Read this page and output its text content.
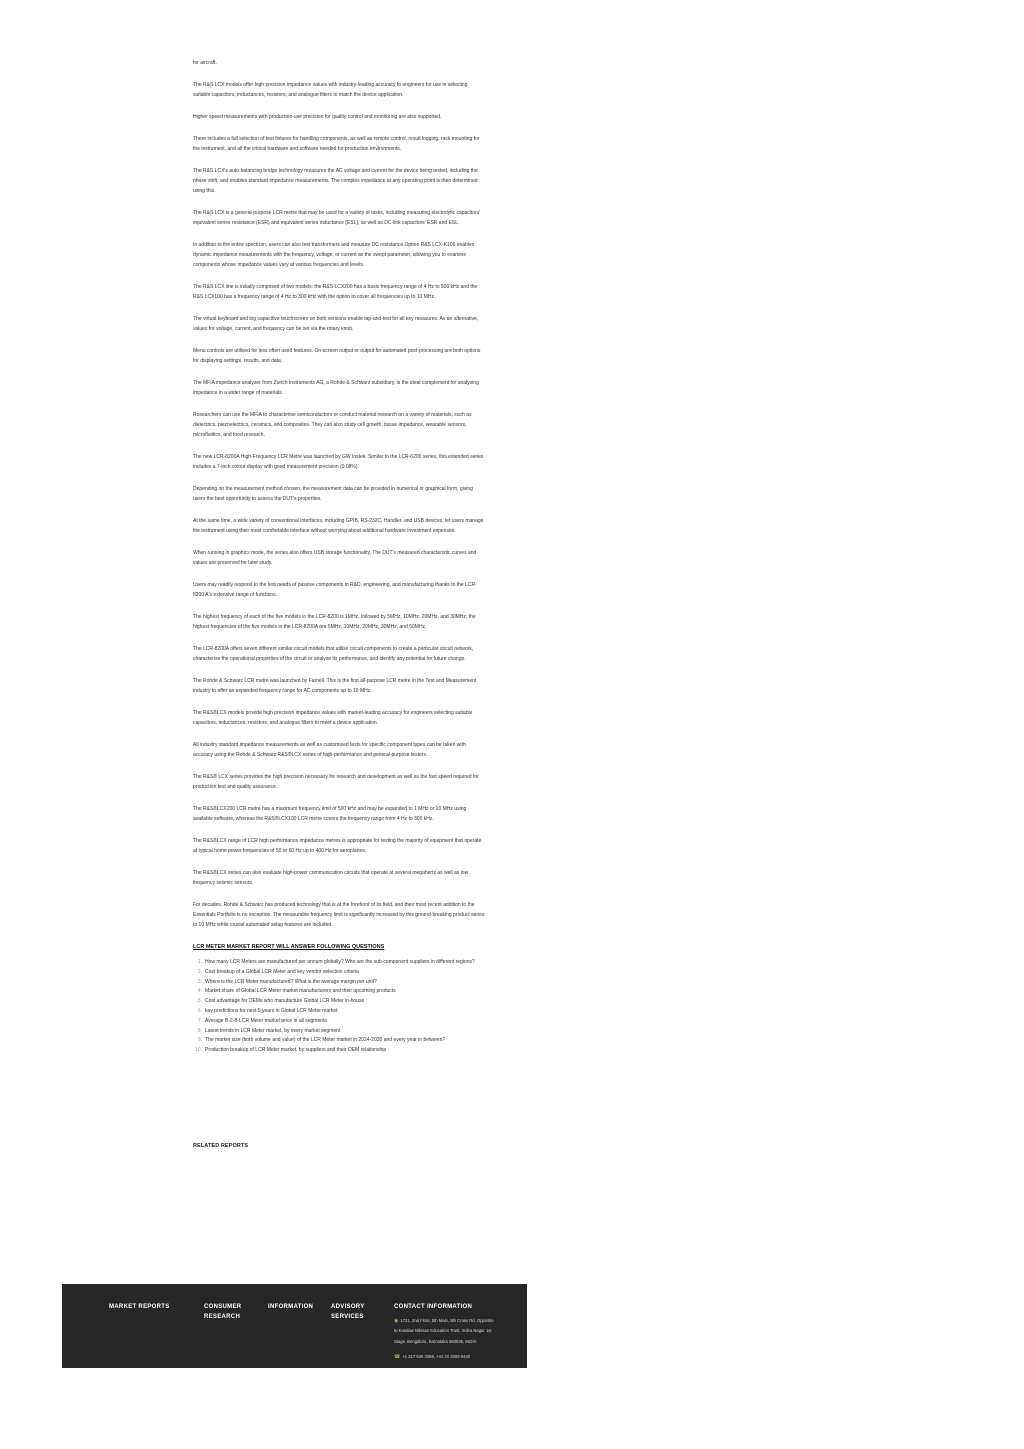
for aircraft.

The R&S LCX models offer high precision impedance values with industry-leading accuracy to engineers for use in selecting suitable capacitors, inductances, resistors, and analogue filters to match the device application.

Higher speed measurements with production-use precision for quality control and monitoring are also supported.

There includes a full selection of test fixtures for handling components, as well as remote control, result logging, rack mounting for the instrument, and all the critical hardware and software needed for production environments.

The R&S LCX's auto-balancing bridge technology measures the AC voltage and current for the device being tested, including the phase shift, and enables standard impedance measurements. The complex impedance at any operating point is then determined using this.

The R&S LCX is a general-purpose LCR metre that may be used for a variety of tasks, including measuring electrolytic capacitors' equivalent series resistance (ESR) and equivalent series inductance (ESL), as well as DC-link capacitors' ESR and ESL.

In addition to the entire spectrum, users can also test transformers and measure DC resistance.Option R&S LCX-K106 enables dynamic impedance measurements with the frequency, voltage, or current as the swept parameter, allowing you to examine components whose impedance values vary at various frequencies and levels.

The R&S LCX line is initially comprised of two models: the R&S LCX200 has a basic frequency range of 4 Hz to 500 kHz and the R&S LCX100 has a frequency range of 4 Hz to 300 kHz with the option to cover all frequencies up to 10 MHz.

The virtual keyboard and big capacitive touchscreen on both versions enable tap-and-test for all key measures. As an alternative, values for voltage, current, and frequency can be set via the rotary knob.

Menu controls are utilised for less often used features. On-screen output or output for automated post-processing are both options for displaying settings, results, and data.

The MFIA impedance analyzer from Zurich Instruments AG, a Rohde & Schwarz subsidiary, is the ideal complement for analysing impedance in a wider range of materials.

Researchers can use the MFIA to characterise semiconductors or conduct material research on a variety of materials, such as dielectrics, piezoelectrics, ceramics, and composites. They can also study cell growth, tissue impedance, wearable sensors, microfluidics, and food research.

The new LCR-8200A High-Frequency LCR Metre was launched by GW Instek. Similar to the LCR-6200 series, this extended series includes a 7-inch colour display with good measurement precision (0.08%).

Depending on the measurement method chosen, the measurement data can be provided in numerical or graphical form, giving users the best opportunity to assess the DUT's properties.

At the same time, a wide variety of conventional interfaces, including GPIB, RS-232C, Handler, and USB devices, let users manage the instrument using their most comfortable interface without worrying about additional hardware investment expenses.

When running in graphics mode, the series also offers USB storage functionality. The DUT's measured characteristic curves and values are preserved for later study.

Users may readily respond to the test needs of passive components in R&D, engineering, and manufacturing thanks to the LCR-8200 A's extensive range of functions.

The highest frequency of each of the five models in the LCR-8200 is 1MHz, followed by 5MHz, 10MHz, 20MHz, and 30MHz; the highest frequencies of the five models in the LCR-8200A are 5MHz, 10MHz, 20MHz, 30MHz, and 50MHz.

The LCR-8200A offers seven different similar circuit models that utilise circuit components to create a particular circuit network, characterise the operational properties of the circuit or analyse its performance, and identify any potential for future change.

The Rohde & Schwarz LCR metre was launched by Farnell. This is the first all-purpose LCR metre in the Test and Measurement industry to offer an expanded frequency range for AC components up to 10 MHz.

The R&S®LCX models provide high precision impedance values with market-leading accuracy for engineers selecting suitable capacitors, inductances, resistors, and analogue filters to meet a device application.

All industry standard impedance measurements as well as customised tests for specific component types can be taken with accuracy using the Rohde & Schwarz R&S®LCX series of high-performance and general-purpose testers.

The R&S® LCX series provides the high precision necessary for research and development as well as the fast speed required for production test and quality assurance.

The R&S®LCX200 LCR metre has a maximum frequency limit of 500 kHz and may be expanded to 1 MHz or 10 MHz using available software, whereas the R&S®LCX100 LCR metre covers the frequency range from 4 Hz to 300 kHz.

The R&S®LCX range of LCR high performance impedance metres is appropriate for testing the majority of equipment that operate at typical home power frequencies of 50 or 60 Hz up to 400 Hz for aeroplanes.

The R&S®LCX series can also evaluate high-power communication circuits that operate at several megahertz as well as low frequency seismic sensors.

For decades, Rohde & Schwarz has produced technology that is at the forefront of its field, and their most recent addition to the Essentials Portfolio is no exception. The measurable frequency limit is significantly increased by this ground-breaking product series to 10 MHz while crucial automated setup features are included.

LCR METER MARKET REPORT WILL ANSWER FOLLOWING QUESTIONS
1. How many LCR Meters are manufactured per annum globally? Who are the sub-component suppliers in different regions?
2. Cost breakup of a Global LCR Meter and key vendor selection criteria
3. Where is the LCR Meter manufactured? What is the average margin per unit?
4. Market share of Global LCR Meter market manufacturers and their upcoming products
5. Cost advantage for OEMs who manufacture Global LCR Meter in-house
6. key predictions for next 5 years in Global LCR Meter market
7. Average B-2-B LCR Meter market price in all segments
8. Latest trends in LCR Meter market, by every market segment
9. The market size (both volume and value) of the LCR Meter market in 2024-2030 and every year in between?
10. Production breakup of LCR Meter market, by suppliers and their OEM relationship
RELATED REPORTS
MARKET REPORTS	CONSUMER RESEARCH
INFORMATION	ADVISORY SERVICES
CONTACT INFORMATION
◉ 1721, 2nd Floor, 5th Main, 5th Cross Rd, Opposite to Karalaw Niketan Education Trust, Indira Nagar 1st Stage, Bengaluru, Karnataka 560038, INDIA
☎ +1 217 636 3356, +44 20 3289 9440
